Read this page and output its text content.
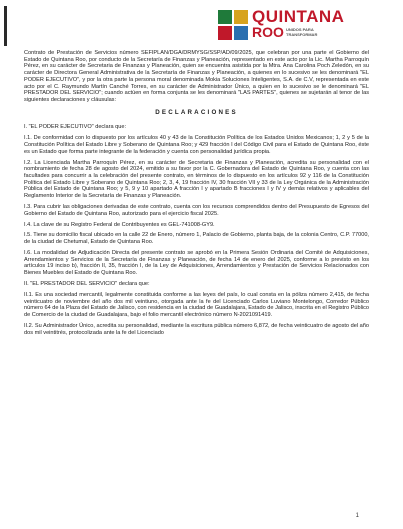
QUINTANA
ROO UNIDOS PARA TRANSFORMAR

Contrato de Prestación de Servicios número SEFIPLAN/DGA/DRMYSG/SSP/AD/09/2025, que celebran por una parte el Gobierno del Estado de Quintana Roo, por conducto de la Secretaría de Finanzas y Planeación, representado en este acto por la Lic. Martha Parroquín Pérez, en su carácter de Secretaria de Finanzas y Planeación, quien se encuentra asistida por la Mtra. Ana Carolina Poch Zeledón, en su carácter de Directora General Administrativa de la Secretaría de Finanzas y Planeación, a quienes en lo sucesivo se les denominará "EL PODER EJECUTIVO", y por la otra parte la persona moral denominada Mokia Soluciones Inteligentes, S.A. de C.V, representada en este acto por el C. Raymundo Martín Canché Torres, en su carácter de Administrador Único, a quien en lo sucesivo se le denominará "EL PRESTADOR DEL SERVICIO"; cuando actúen en forma conjunta se les denominará "LAS PARTES", quienes se sujetarán al tenor de las siguientes declaraciones y cláusulas:

DECLARACIONES

I. "EL PODER EJECUTIVO" declara que:

I.1. De conformidad con lo dispuesto por los artículos 40 y 43 de la Constitución Política de los Estados Unidos Mexicanos; 1, 2 y 5 de la Constitución Política del Estado Libre y Soberano de Quintana Roo; y 429 fracción I del Código Civil para el Estado de Quintana Roo, éste es un Estado que forma parte integrante de la federación y cuenta con personalidad jurídica propia.

I.2. La Licenciada Martha Parroquín Pérez, en su carácter de Secretaria de Finanzas y Planeación, acredita su personalidad con el nombramiento de fecha 28 de agosto del 2024, emitido a su favor por la C. Gobernadora del Estado de Quintana Roo, y cuenta con las facultades para concurrir a la celebración del presente contrato, en términos de lo dispuesto en los artículos 92 y 116 de la Constitución Política del Estado Libre y Soberano de Quintana Roo; 2, 3, 4, 19 fracción IV, 30 fracción VII y 33 de la Ley Orgánica de la Administración Pública del Estado de Quintana Roo; y 5, 9 y 10 apartado A fracción I y apartado B fracciones I y IV y demás relativos y aplicables del Reglamento Interior de la Secretaría de Finanzas y Planeación.

I.3. Para cubrir las obligaciones derivadas de este contrato, cuenta con los recursos comprendidos dentro del Presupuesto de Egresos del Gobierno del Estado de Quintana Roo, autorizado para el ejercicio fiscal 2025.

I.4. La clave de su Registro Federal de Contribuyentes es GEL-741008-GY9.

I.5. Tiene su domicilio fiscal ubicado en la calle 22 de Enero, número 1, Palacio de Gobierno, planta baja, de la colonia Centro, C.P. 77000, de la ciudad de Chetumal, Estado de Quintana Roo.

I.6. La modalidad de Adjudicación Directa del presente contrato se aprobó en la Primera Sesión Ordinaria del Comité de Adquisiciones, Arrendamientos y Servicios de la Secretaría de Finanzas y Planeación, de fecha 14 de enero del 2025, conforme a lo previsto en los artículos 19 inciso b), fracción II, 35, fracción I, de la Ley de Adquisiciones, Arrendamientos y Prestación de Servicios Relacionados con Bienes Muebles del Estado de Quintana Roo.

II. "EL PRESTADOR DEL SERVICIO" declara que:

II.1. Es una sociedad mercantil, legalmente constituida conforme a las leyes del país, lo cual consta en la póliza número 2,415, de fecha veinticuatro de noviembre del año dos mil veintiuno, otorgada ante la fe del Licenciado Carlos Luviano Montelongo, Corredor Público número 64 de la Plaza del Estado de Jalisco, con residencia en la ciudad de Guadalajara, Estado de Jalisco, inscrita en el Registro Público de Comercio de la ciudad de Guadalajara, bajo el folio mercantil electrónico número N-2021091419.

II.2. Su Administrador Único, acredita su personalidad, mediante la escritura pública número 6,872, de fecha veinticuatro de agosto del año dos mil veintitrés, protocolizada ante la fe del Licenciado

1
